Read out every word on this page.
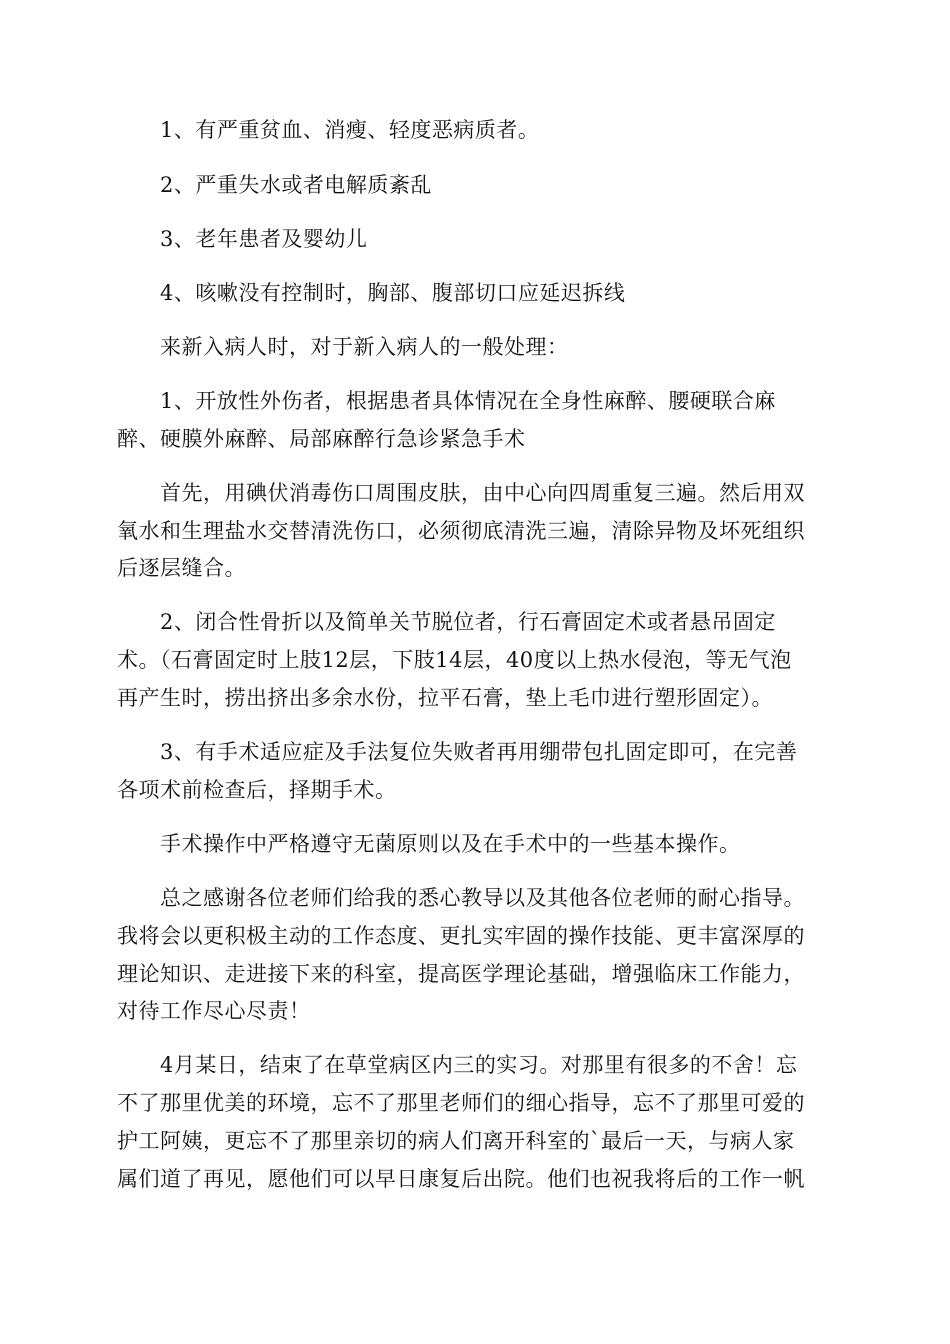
1、有严重贫血、消瘦、轻度恶病质者。
2、严重失水或者电解质紊乱
3、老年患者及婴幼儿
4、咳嗽没有控制时，胸部、腹部切口应延迟拆线
来新入病人时，对于新入病人的一般处理：
1、开放性外伤者，根据患者具体情况在全身性麻醉、腰硬联合麻
醉、硬膜外麻醉、局部麻醉行急诊紧急手术
首先，用碘伏消毒伤口周围皮肤，由中心向四周重复三遍。然后用双
氧水和生理盐水交替清洗伤口，必须彻底清洗三遍，清除异物及坏死组织
后逐层缝合。
2、闭合性骨折以及简单关节脱位者，行石膏固定术或者悬吊固定
术。（石膏固定时上肢12层，下肢14层，40度以上热水侵泡，等无气泡
再产生时，捞出挤出多余水份，拉平石膏，垫上毛巾进行塑形固定）。
3、有手术适应症及手法复位失败者再用绷带包扎固定即可，在完善
各项术前检查后，择期手术。
手术操作中严格遵守无菌原则以及在手术中的一些基本操作。
总之感谢各位老师们给我的悉心教导以及其他各位老师的耐心指导。
我将会以更积极主动的工作态度、更扎实牢固的操作技能、更丰富深厚的
理论知识、走进接下来的科室，提高医学理论基础，增强临床工作能力，
对待工作尽心尽责！
4月某日，结束了在草堂病区内三的实习。对那里有很多的不舍！忘
不了那里优美的环境，忘不了那里老师们的细心指导，忘不了那里可爱的
护工阿姨，更忘不了那里亲切的病人们离开科室的`最后一天，与病人家
属们道了再见，愿他们可以早日康复后出院。他们也祝我将后的工作一帆
